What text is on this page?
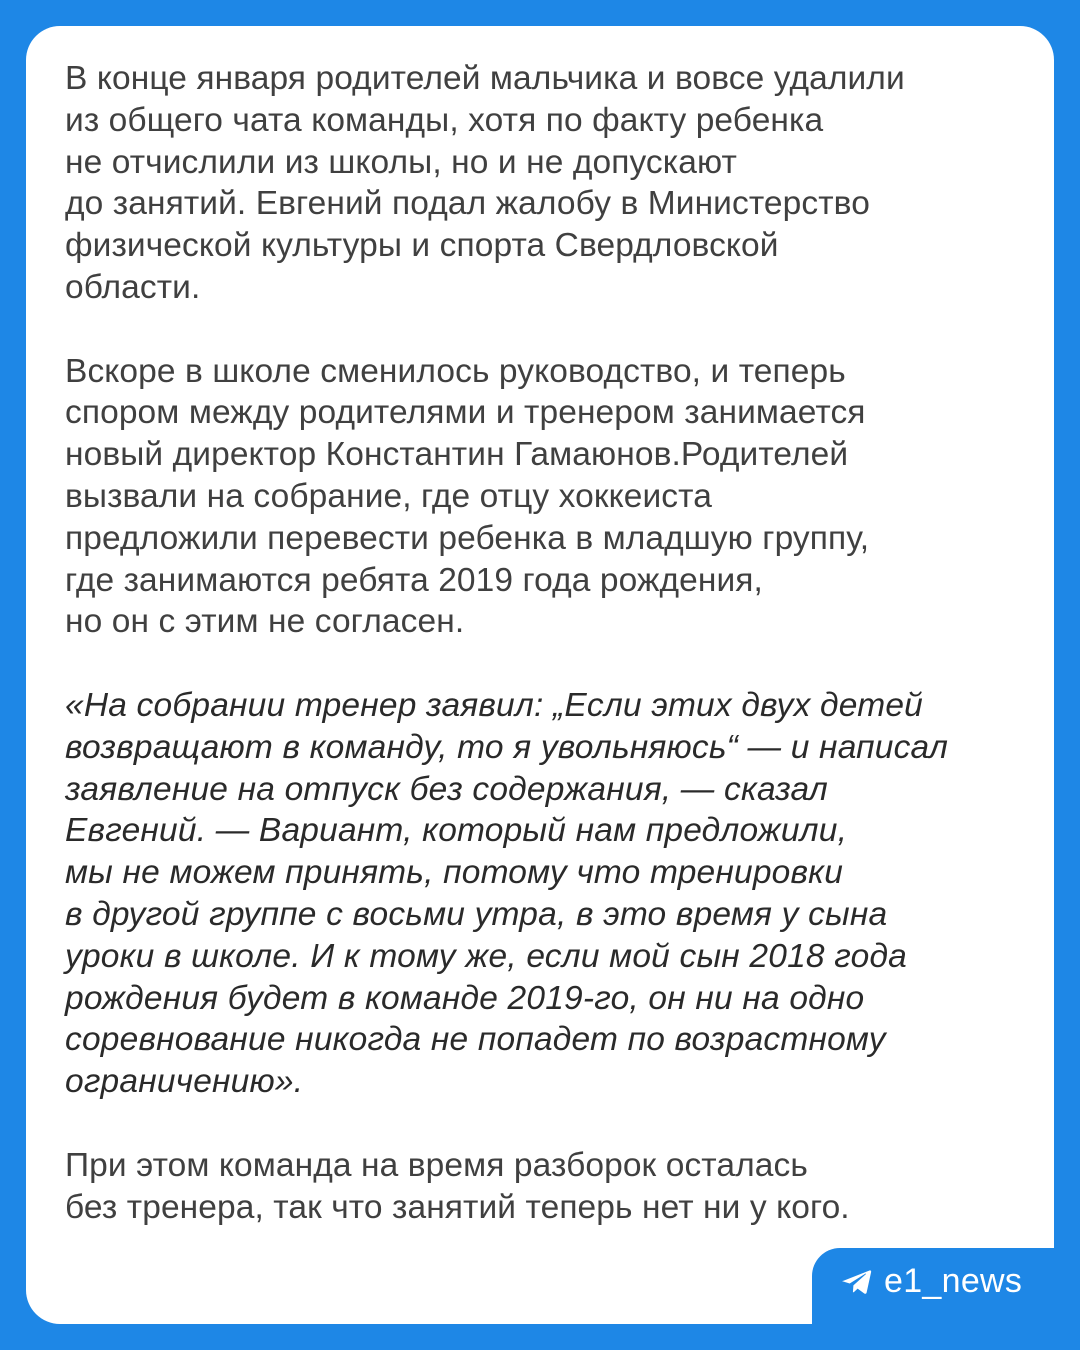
В конце января родителей мальчика и вовсе удалили
из общего чата команды, хотя по факту ребенка
не отчислили из школы, но и не допускают
до занятий. Евгений подал жалобу в Министерство
физической культуры и спорта Свердловской
области.

Вскоре в школе сменилось руководство, и теперь
спором между родителями и тренером занимается
новый директор Константин Гамаюнов.Родителей
вызвали на собрание, где отцу хоккеиста
предложили перевести ребенка в младшую группу,
где занимаются ребята 2019 года рождения,
но он с этим не согласен.

«На собрании тренер заявил: „Если этих двух детей
возвращают в команду, то я увольняюсь“ — и написал
заявление на отпуск без содержания, — сказал
Евгений. — Вариант, который нам предложили,
мы не можем принять, потому что тренировки
в другой группе с восьми утра, в это время у сына
уроки в школе. И к тому же, если мой сын 2018 года
рождения будет в команде 2019-го, он ни на одно
соревнование никогда не попадет по возрастному
ограничению».

При этом команда на время разборок осталась
без тренера, так что занятий теперь нет ни у кого.

e1_news
